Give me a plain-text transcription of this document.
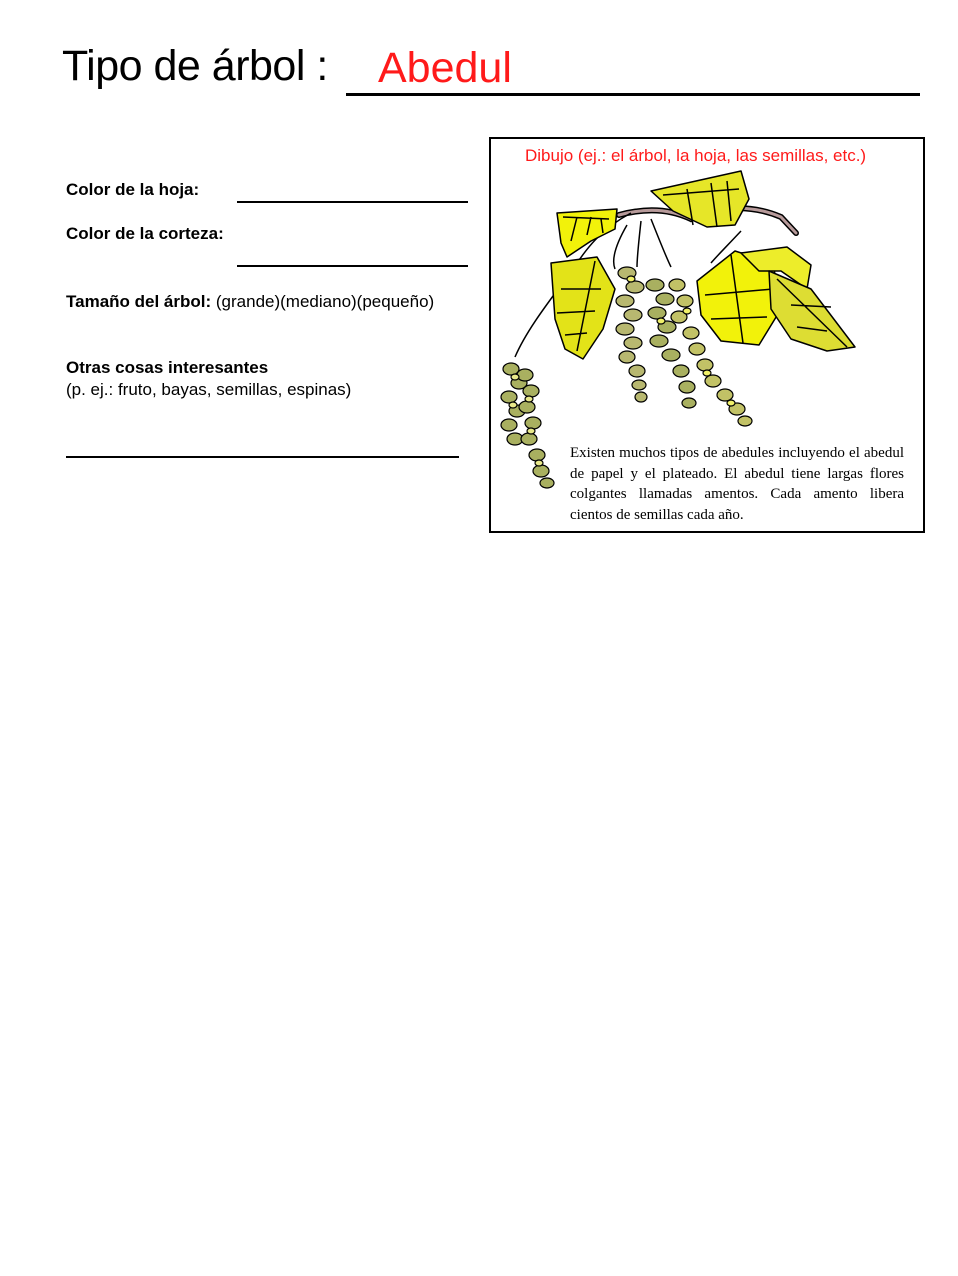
Tipo de árbol : Abedul
Color de la hoja:
Color de la corteza:
Tamaño del árbol: (grande)(mediano)(pequeño)
Otras cosas interesantes
(p. ej.: fruto, bayas, semillas, espinas)
Dibujo (ej.: el árbol, la hoja, las semillas, etc.)
Existen muchos tipos de abedules incluyendo el abedul de papel y el plateado. El abedul tiene largas flores colgantes llamadas amentos. Cada amento libera cientos de semillas cada año.
